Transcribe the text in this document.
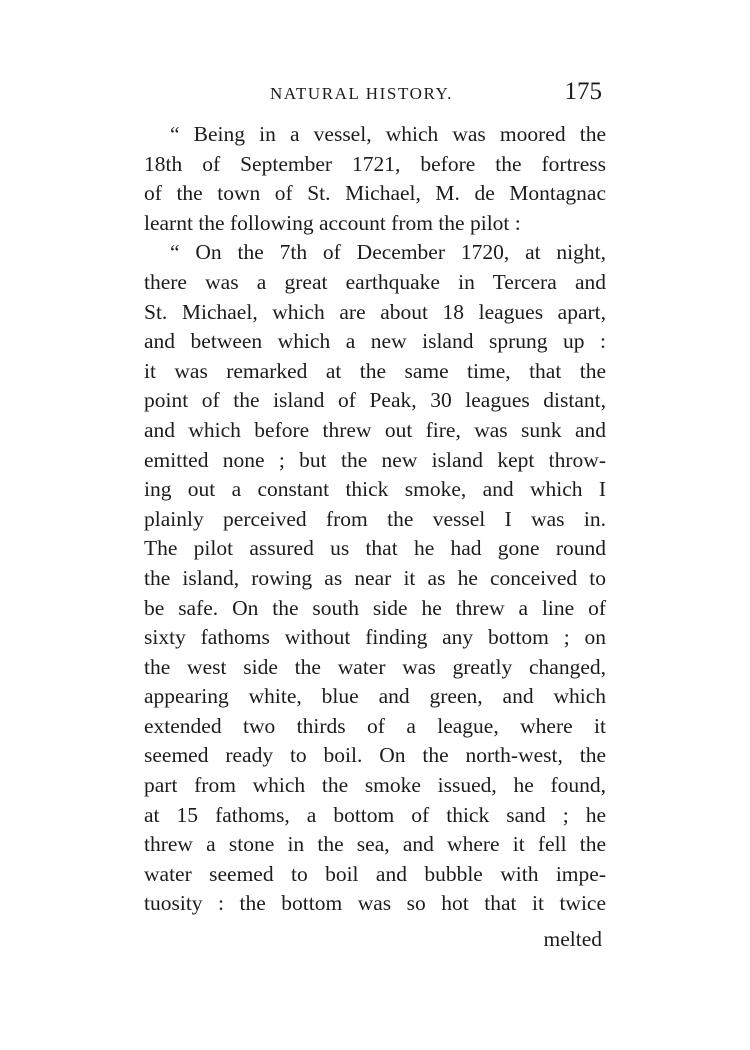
NATURAL HISTORY.	175
“ Being in a vessel, which was moored the
18th of September 1721, before the fortress
of the town of St. Michael, M. de Montagnac
learnt the following account from the pilot :
“ On the 7th of December 1720, at night,
there was a great earthquake in Tercera and
St. Michael, which are about 18 leagues apart,
and between which a new island sprung up :
it was remarked at the same time, that the
point of the island of Peak, 30 leagues distant,
and which before threw out fire, was sunk and
emitted none ; but the new island kept throw-
ing out a constant thick smoke, and which I
plainly perceived from the vessel I was in.
The pilot assured us that he had gone round
the island, rowing as near it as he conceived to
be safe. On the south side he threw a line of
sixty fathoms without finding any bottom ; on
the west side the water was greatly changed,
appearing white, blue and green, and which
extended two thirds of a league, where it
seemed ready to boil. On the north-west, the
part from which the smoke issued, he found,
at 15 fathoms, a bottom of thick sand ; he
threw a stone in the sea, and where it fell the
water seemed to boil and bubble with impe-
tuosity : the bottom was so hot that it twice
melted
